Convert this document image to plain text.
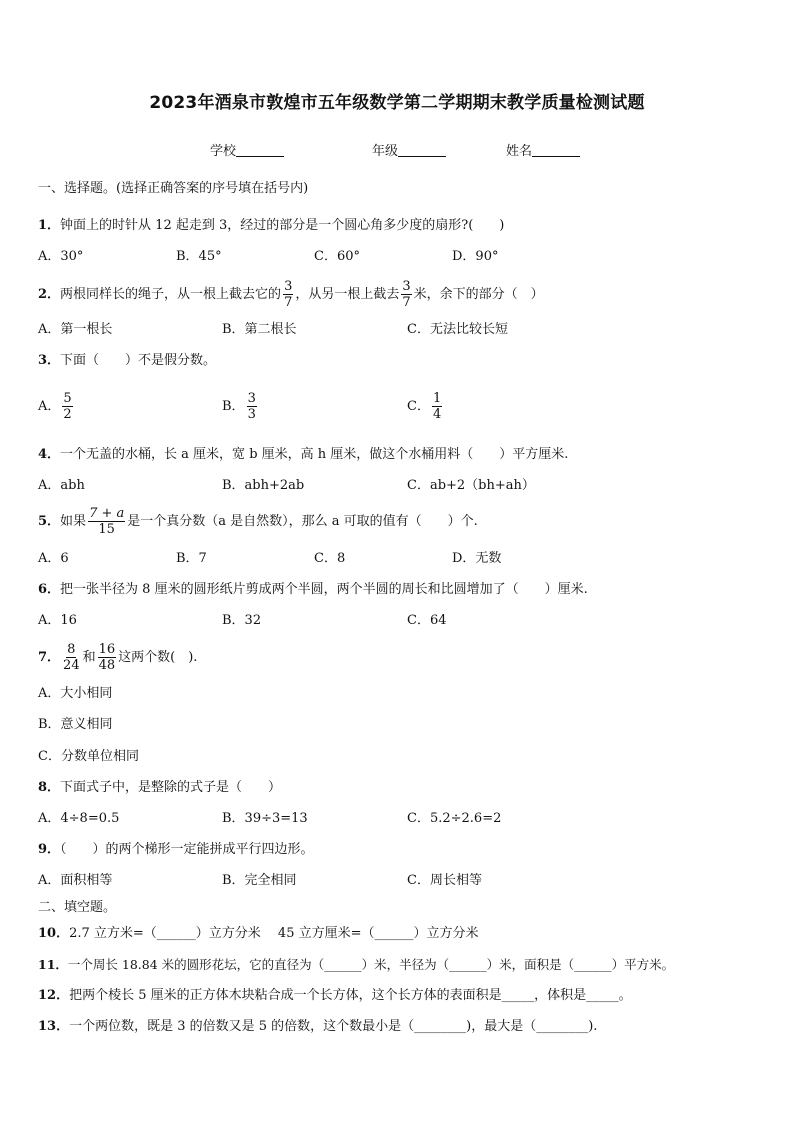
2023年酒泉市敦煌市五年级数学第二学期期末教学质量检测试题
学校	年级	姓名
一、选择题。(选择正确答案的序号填在括号内)
1．钟面上的时针从 12 起走到 3，经过的部分是一个圆心角多少度的扇形?(　　)
A．30°	B．45°	C．60°	D．90°
2．两根同样长的绳子，从一根上截去它的 $\frac{3}{7}$ ，从另一根上截去 $\frac{3}{7}$ 米，余下的部分（　）
A．第一根长	B．第二根长	C．无法比较长短
3．下面（　　）不是假分数。
A． $\frac{5}{2}$	B． $\frac{3}{3}$	C． $\frac{1}{4}$
4．一个无盖的水桶，长 a 厘米，宽 b 厘米，高 h 厘米，做这个水桶用料（　　）平方厘米.
A．abh	B．abh+2ab	C．ab+2（bh+ah）
5．如果 $\frac{7 + a}{15}$ 是一个真分数（a 是自然数），那么 a 可取的值有（　　）个.
A．6	B．7	C．8	D．无数
6．把一张半径为 8 厘米的圆形纸片剪成两个半圆，两个半圆的周长和比圆增加了（　　）厘米.
A．16	B．32	C．64
7． $\frac{8}{24}$ 和 $\frac{16}{48}$ 这两个数(　).
A．大小相同
B．意义相同
C．分数单位相同
8．下面式子中，是整除的式子是（　　）
A．4÷8=0.5	B．39÷3=13	C．5.2÷2.6=2
9．（　　）的两个梯形一定能拼成平行四边形。
A．面积相等	B．完全相同	C．周长相等
二、填空题。
10．2.7 立方米=（______）立方分米　 45 立方厘米=（______）立方分米
11．一个周长 18.84 米的圆形花坛，它的直径为（______）米，半径为（______）米，面积是（______）平方米。
12．把两个棱长 5 厘米的正方体木块粘合成一个长方体，这个长方体的表面积是_____，体积是_____。
13．一个两位数，既是 3 的倍数又是 5 的倍数，这个数最小是（________)，最大是（________).
